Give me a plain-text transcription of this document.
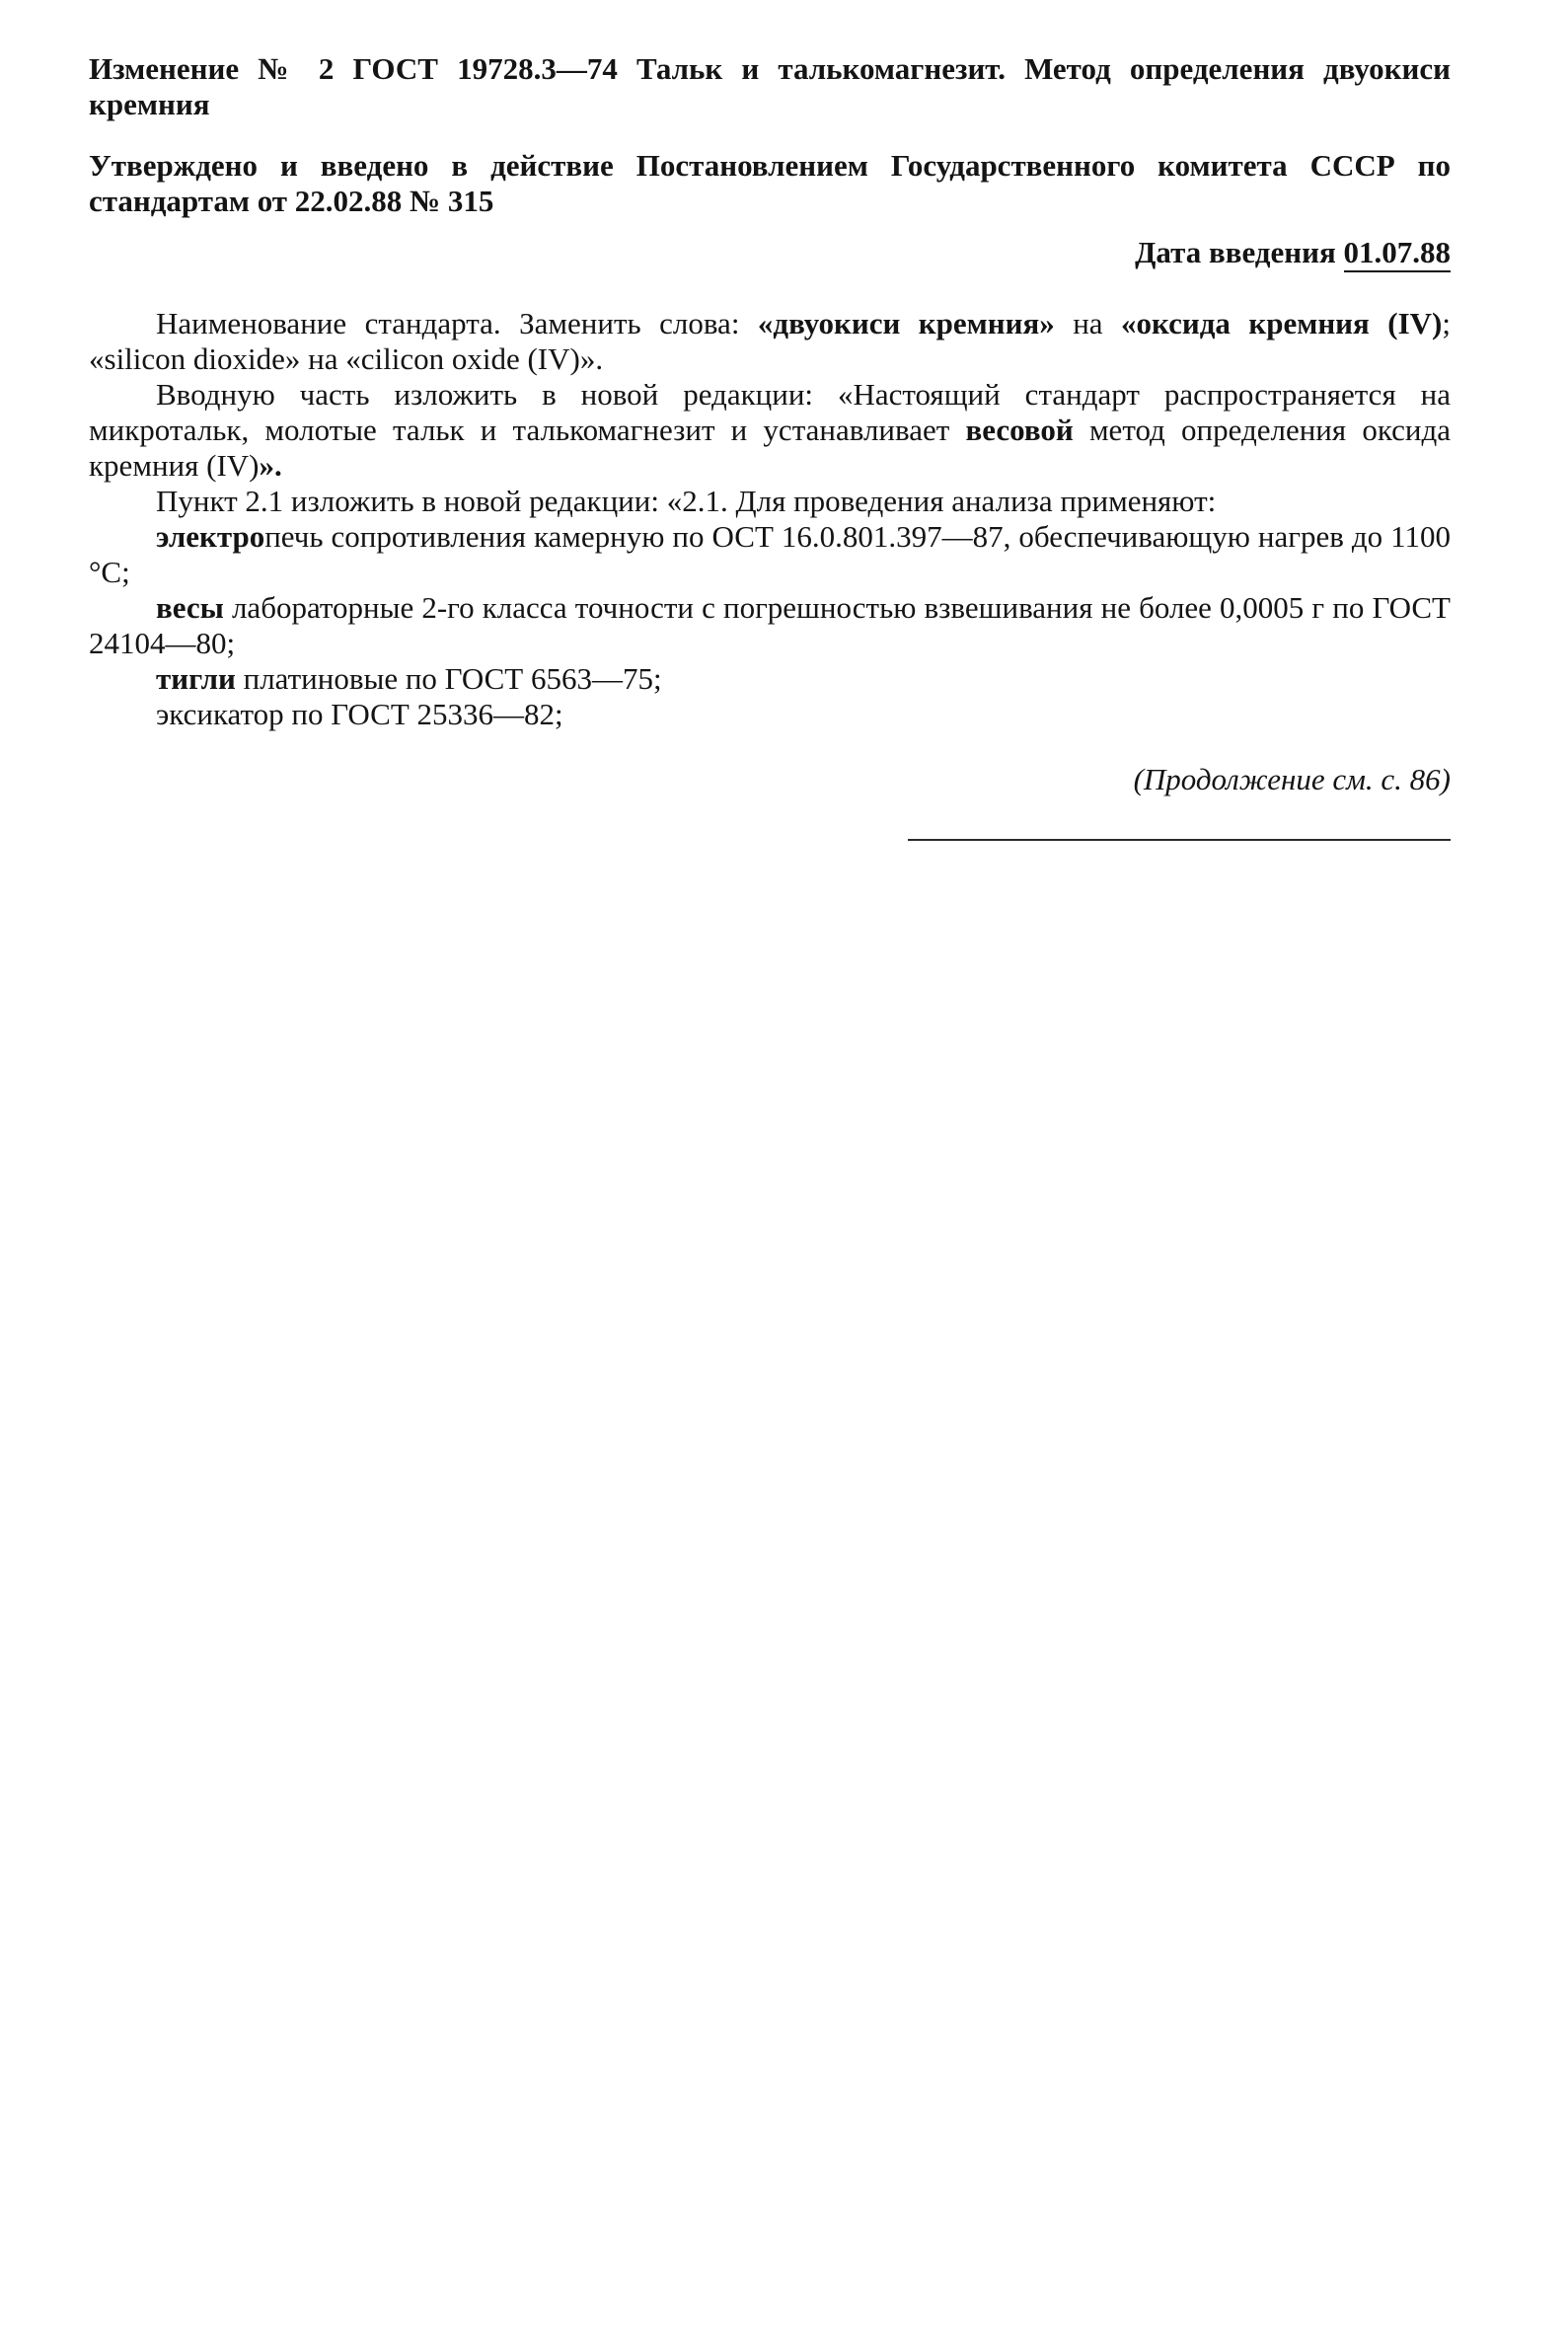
Изменение № 2 ГОСТ 19728.3—74 Тальк и талькомагнезит. Метод определения двуокиси кремния

Утверждено и введено в действие Постановлением Государственного комитета СССР по стандартам от 22.02.88 № 315

Дата введения 01.07.88

Наименование стандарта. Заменить слова: «двуокиси кремния» на «оксида кремния (IV); «silicon dioxide» на «cilicon oxide (IV)».

Вводную часть изложить в новой редакции: «Настоящий стандарт распространяется на микротальк, молотые тальк и талькомагнезит и устанавливает весовой метод определения оксида кремния (IV)».

Пункт 2.1 изложить в новой редакции: «2.1. Для проведения анализа применяют:

электропечь сопротивления камерную по ОСТ 16.0.801.397—87, обеспечивающую нагрев до 1100 °С;

весы лабораторные 2-го класса точности с погрешностью взвешивания не более 0,0005 г по ГОСТ 24104—80;

тигли платиновые по ГОСТ 6563—75;

эксикатор по ГОСТ 25336—82;

(Продолжение см. с. 86)
